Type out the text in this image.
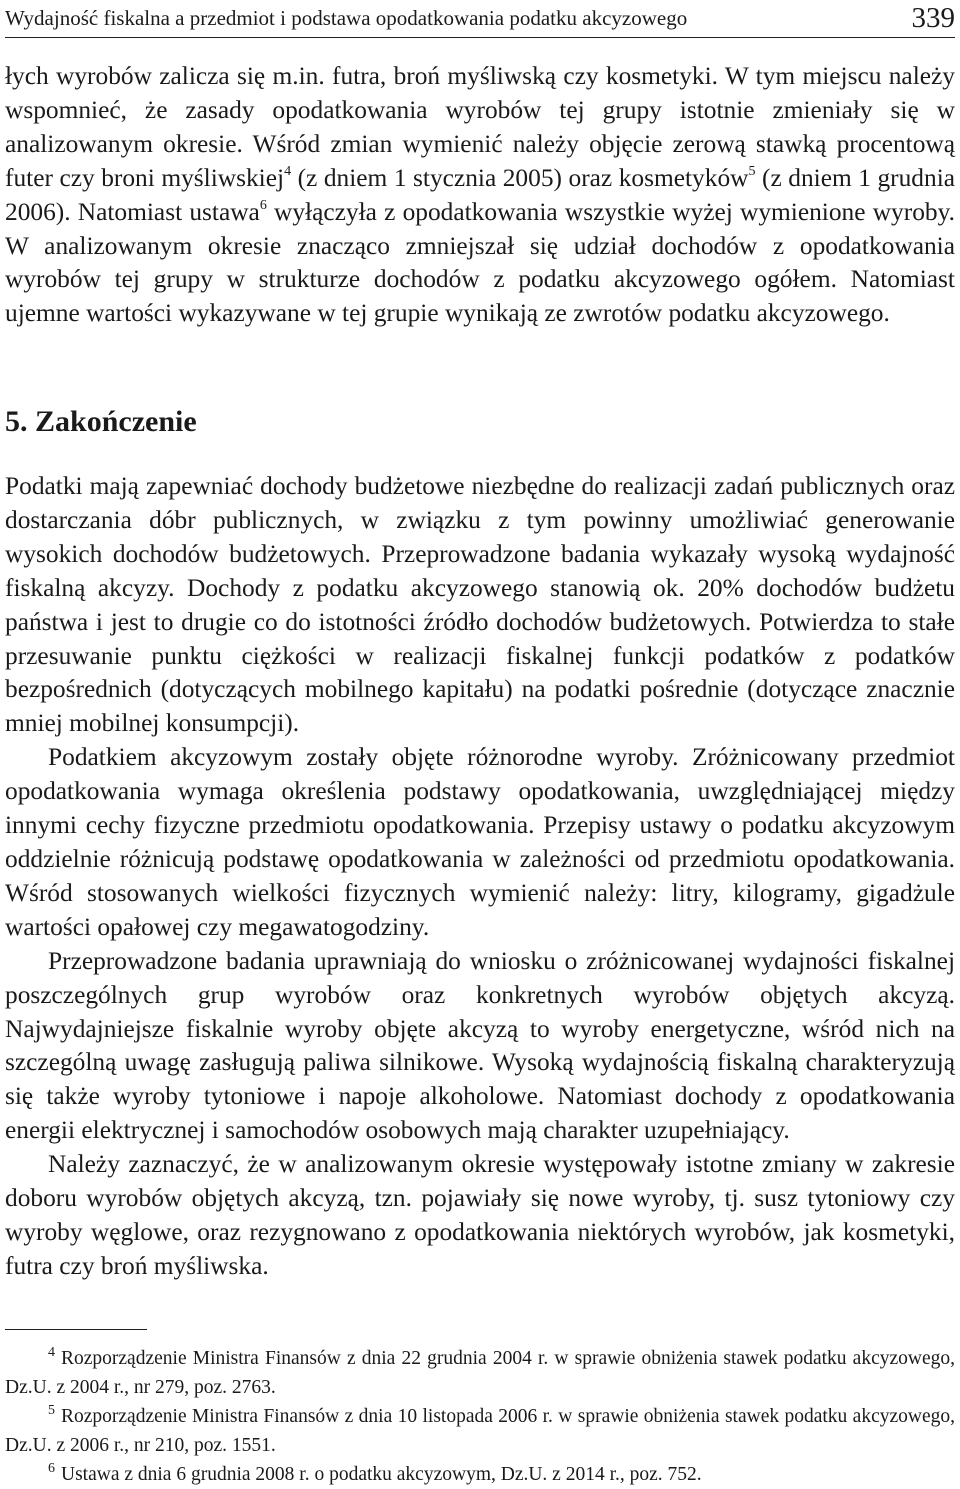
Wydajność fiskalna a przedmiot i podstawa opodatkowania podatku akcyzowego	339

łych wyrobów zalicza się m.in. futra, broń myśliwską czy kosmetyki. W tym miejscu należy wspomnieć, że zasady opodatkowania wyrobów tej grupy istotnie zmieniały się w analizowanym okresie. Wśród zmian wymienić należy objęcie zerową stawką procentową futer czy broni myśliwskiej$^4$ (z dniem 1 stycznia 2005) oraz kosmetyków$^5$ (z dniem 1 grudnia 2006). Natomiast ustawa$^6$ wyłączyła z opodatkowania wszystkie wyżej wymienione wyroby. W analizowanym okresie znacząco zmniejszał się udział dochodów z opodatkowania wyrobów tej grupy w strukturze dochodów z podatku akcyzowego ogółem. Natomiast ujemne wartości wykazywane w tej grupie wynikają ze zwrotów podatku akcyzowego.

5. Zakończenie

Podatki mają zapewniać dochody budżetowe niezbędne do realizacji zadań publicznych oraz dostarczania dóbr publicznych, w związku z tym powinny umożliwiać generowanie wysokich dochodów budżetowych. Przeprowadzone badania wykazały wysoką wydajność fiskalną akcyzy. Dochody z podatku akcyzowego stanowią ok. 20% dochodów budżetu państwa i jest to drugie co do istotności źródło dochodów budżetowych. Potwierdza to stałe przesuwanie punktu ciężkości w realizacji fiskalnej funkcji podatków z podatków bezpośrednich (dotyczących mobilnego kapitału) na podatki pośrednie (dotyczące znacznie mniej mobilnej konsumpcji).

Podatkiem akcyzowym zostały objęte różnorodne wyroby. Zróżnicowany przedmiot opodatkowania wymaga określenia podstawy opodatkowania, uwzględniającej między innymi cechy fizyczne przedmiotu opodatkowania. Przepisy ustawy o podatku akcyzowym oddzielnie różnicują podstawę opodatkowania w zależności od przedmiotu opodatkowania. Wśród stosowanych wielkości fizycznych wymienić należy: litry, kilogramy, gigadżule wartości opałowej czy megawatogodziny.

Przeprowadzone badania uprawniają do wniosku o zróżnicowanej wydajności fiskalnej poszczególnych grup wyrobów oraz konkretnych wyrobów objętych akcyzą. Najwydajniejsze fiskalnie wyroby objęte akcyzą to wyroby energetyczne, wśród nich na szczególną uwagę zasługują paliwa silnikowe. Wysoką wydajnością fiskalną charakteryzują się także wyroby tytoniowe i napoje alkoholowe. Natomiast dochody z opodatkowania energii elektrycznej i samochodów osobowych mają charakter uzupełniający.

Należy zaznaczyć, że w analizowanym okresie występowały istotne zmiany w zakresie doboru wyrobów objętych akcyzą, tzn. pojawiały się nowe wyroby, tj. susz tytoniowy czy wyroby węglowe, oraz rezygnowano z opodatkowania niektórych wyrobów, jak kosmetyki, futra czy broń myśliwska.

$^4$ Rozporządzenie Ministra Finansów z dnia 22 grudnia 2004 r. w sprawie obniżenia stawek podatku akcyzowego, Dz.U. z 2004 r., nr 279, poz. 2763.

$^5$ Rozporządzenie Ministra Finansów z dnia 10 listopada 2006 r. w sprawie obniżenia stawek podatku akcyzowego, Dz.U. z 2006 r., nr 210, poz. 1551.

$^6$ Ustawa z dnia 6 grudnia 2008 r. o podatku akcyzowym, Dz.U. z 2014 r., poz. 752.
